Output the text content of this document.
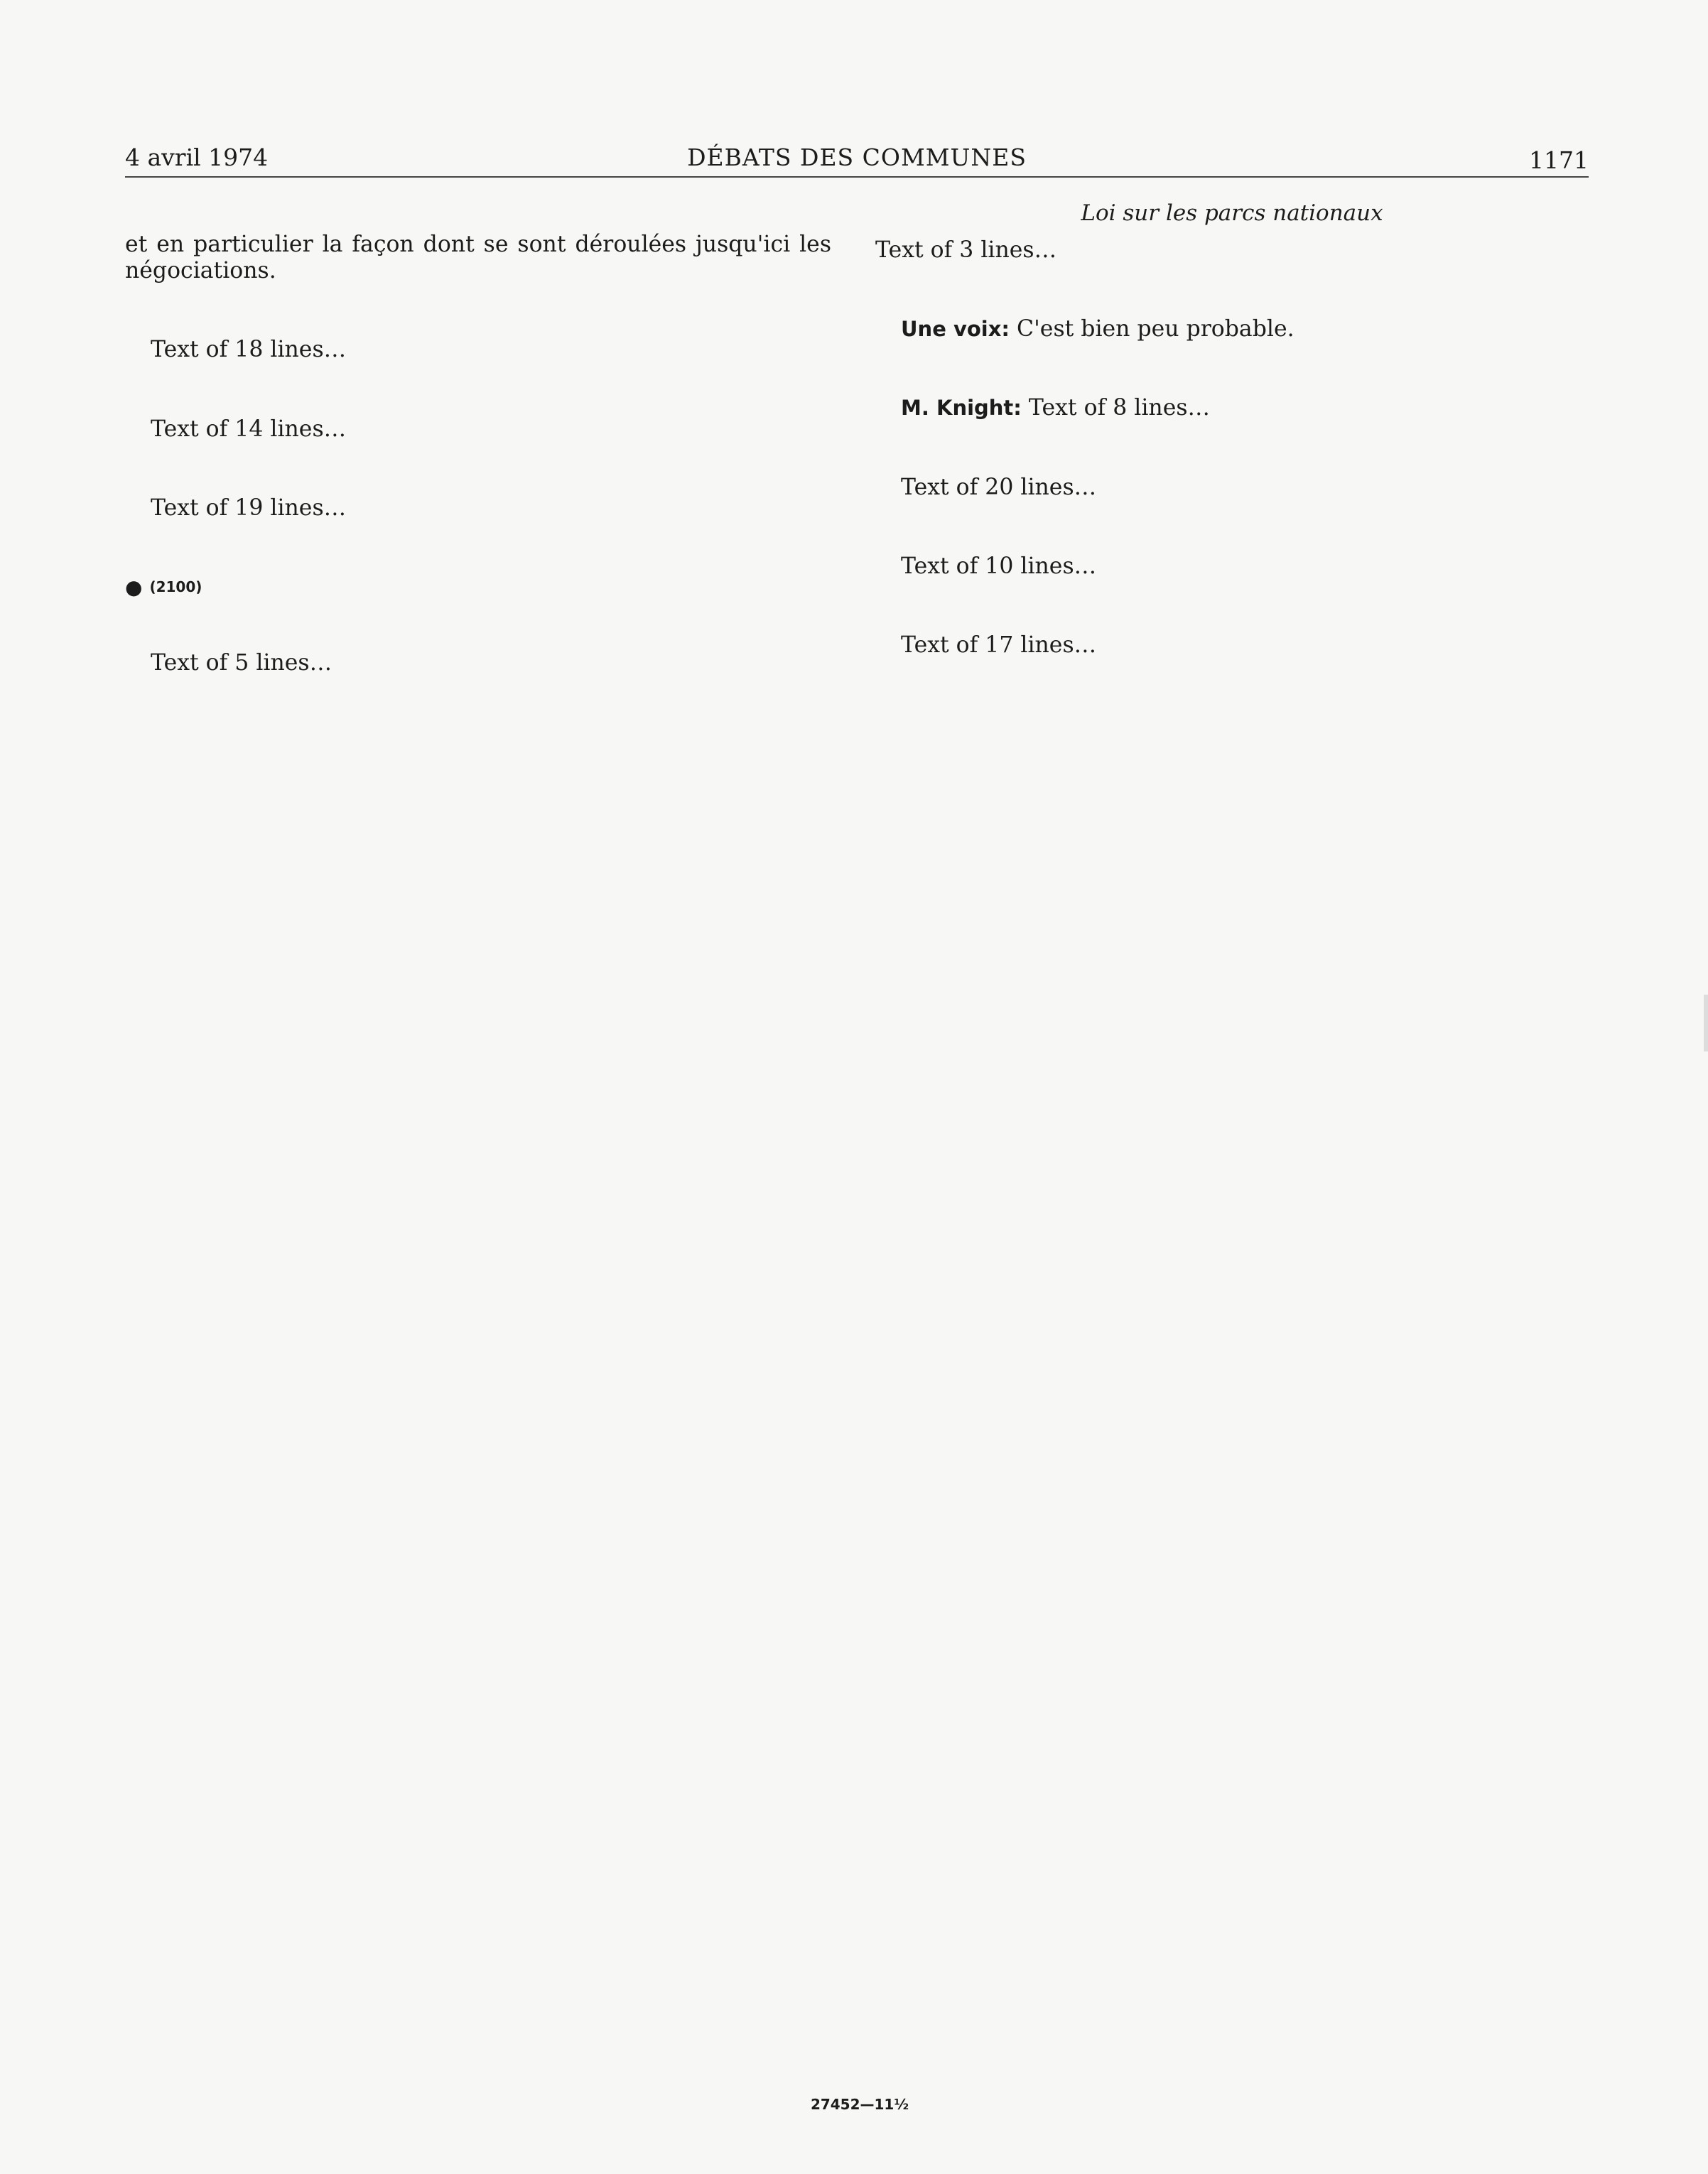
4 avril 1974	DÉBATS DES COMMUNES	1171
Loi sur les parcs nationaux

et en particulier la façon dont se sont déroulées jusqu'ici les négociations.

Text of 18 lines…

Text of 14 lines…

Text of 19 lines…

● (2100)

Text of 5 lines…

Text of 3 lines…

Une voix: C'est bien peu probable.

M. Knight: Text of 8 lines…

Text of 20 lines…

Text of 10 lines…

Text of 17 lines…

27452—11½
